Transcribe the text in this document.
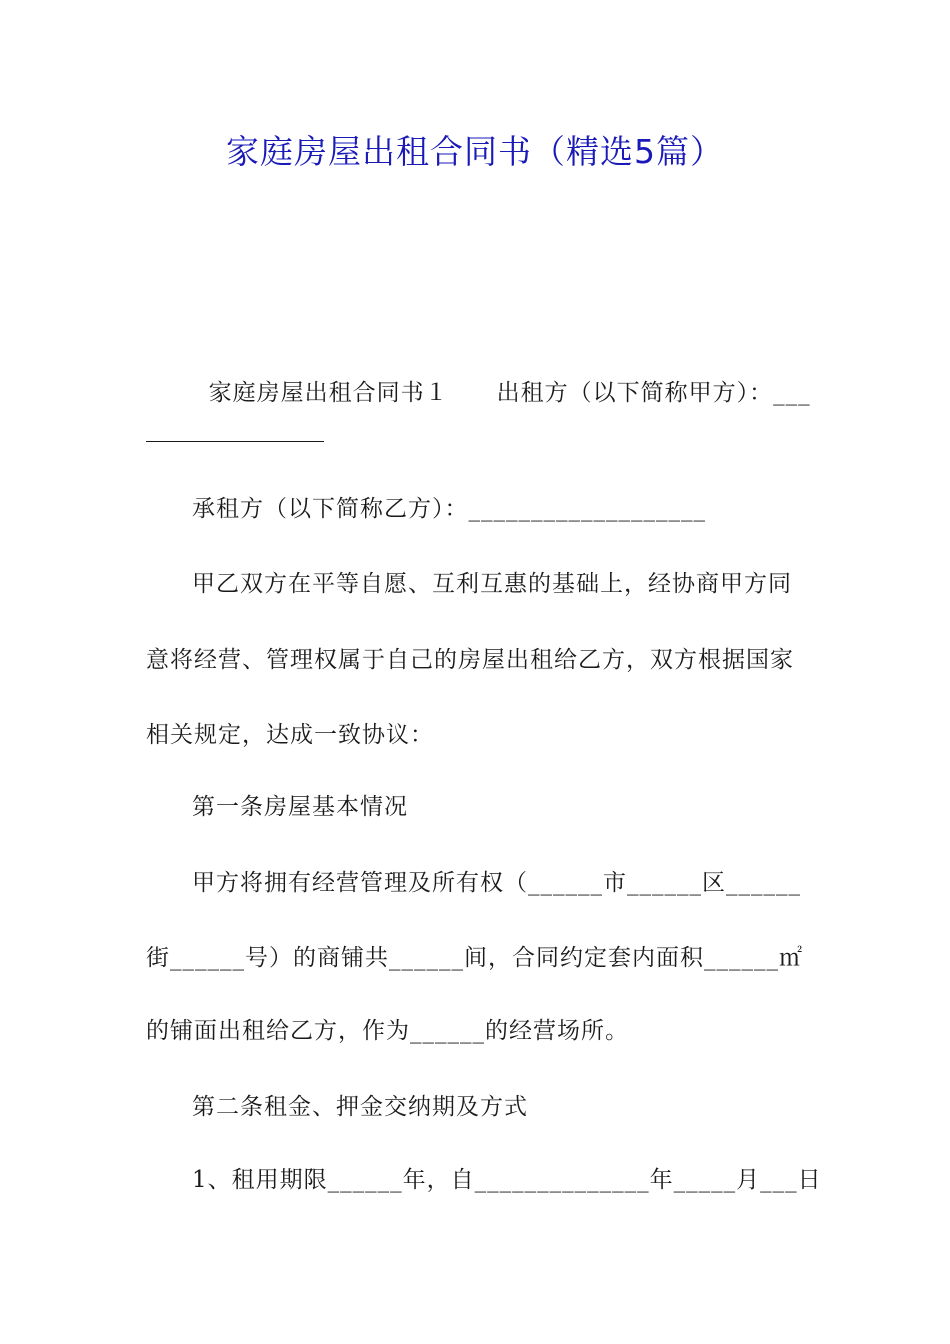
家庭房屋出租合同书（精选5篇）

家庭房屋出租合同书１ 出租方（以下简称甲方）：___

承租方（以下简称乙方）：___________________
甲乙双方在平等自愿、互利互惠的基础上，经协商甲方同
意将经营、管理权属于自己的房屋出租给乙方，双方根据国家
相关规定，达成一致协议：
第一条房屋基本情况
甲方将拥有经营管理及所有权（______市______区______
街______号）的商铺共______间，合同约定套内面积______㎡
的铺面出租给乙方，作为______的经营场所。
第二条租金、押金交纳期及方式
1、租用期限______年，自______________年_____月___日
